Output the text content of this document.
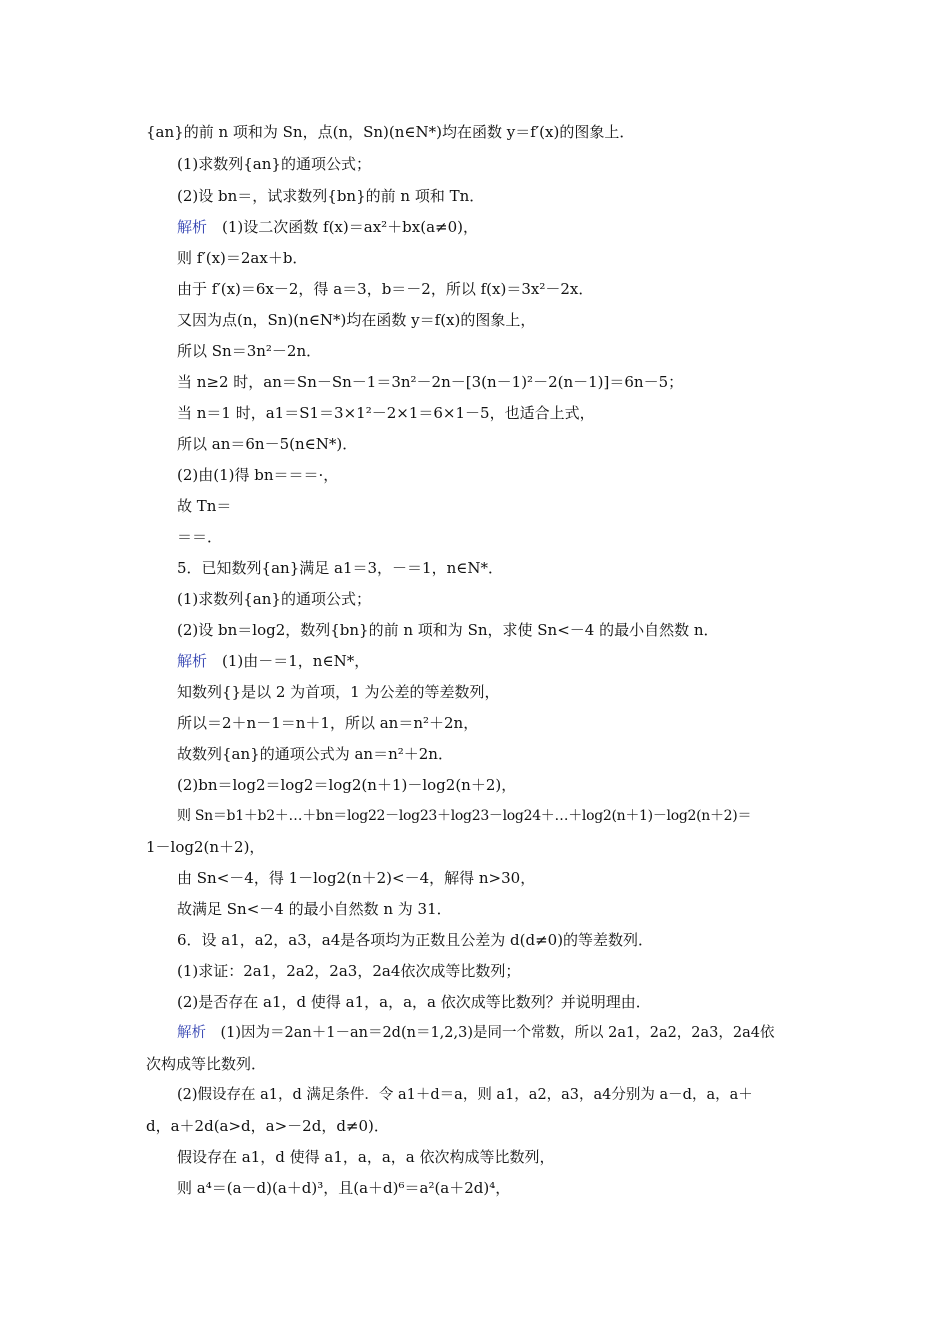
{an}的前 n 项和为 Sn，点(n，Sn)(n∈N*)均在函数 y＝f′(x)的图象上．
(1)求数列{an}的通项公式；
(2)设 bn＝，试求数列{bn}的前 n 项和 Tn．
解析　(1)设二次函数 f(x)＝ax²＋bx(a≠0)，
则 f′(x)＝2ax＋b．
由于 f′(x)＝6x－2，得 a＝3，b＝－2，所以 f(x)＝3x²－2x．
又因为点(n，Sn)(n∈N*)均在函数 y＝f(x)的图象上，
所以 Sn＝3n²－2n．
当 n≥2 时，an＝Sn－Sn－1＝3n²－2n－[3(n－1)²－2(n－1)]＝6n－5；
当 n＝1 时，a1＝S1＝3×1²－2×1＝6×1－5，也适合上式，
所以 an＝6n－5(n∈N*)．
(2)由(1)得 bn＝＝＝·，
故 Tn＝
＝＝．
5．已知数列{an}满足 a1＝3，－＝1，n∈N*．
(1)求数列{an}的通项公式；
(2)设 bn＝log2，数列{bn}的前 n 项和为 Sn，求使 Sn<－4 的最小自然数 n．
解析　(1)由－＝1，n∈N*，
知数列{}是以 2 为首项，1 为公差的等差数列，
所以＝2＋n－1＝n＋1，所以 an＝n²＋2n，
故数列{an}的通项公式为 an＝n²＋2n．
(2)bn＝log2＝log2＝log2(n＋1)－log2(n＋2)，
则 Sn＝b1＋b2＋…＋bn＝log22－log23＋log23－log24＋…＋log2(n＋1)－log2(n＋2)＝
1－log2(n＋2)，
由 Sn<－4，得 1－log2(n＋2)<－4，解得 n>30，
故满足 Sn<－4 的最小自然数 n 为 31．
6．设 a1，a2，a3，a4是各项均为正数且公差为 d(d≠0)的等差数列．
(1)求证：2a1，2a2，2a3，2a4依次成等比数列；
(2)是否存在 a1，d 使得 a1，a，a，a 依次成等比数列？并说明理由．
解析　(1)因为＝2an＋1－an＝2d(n＝1,2,3)是同一个常数，所以 2a1，2a2，2a3，2a4依
次构成等比数列．
(2)假设存在 a1，d 满足条件．令 a1＋d＝a，则 a1，a2，a3，a4分别为 a－d，a，a＋
d，a＋2d(a>d，a>－2d，d≠0)．
假设存在 a1，d 使得 a1，a，a，a 依次构成等比数列，
则 a⁴＝(a－d)(a＋d)³，且(a＋d)⁶＝a²(a＋2d)⁴，
